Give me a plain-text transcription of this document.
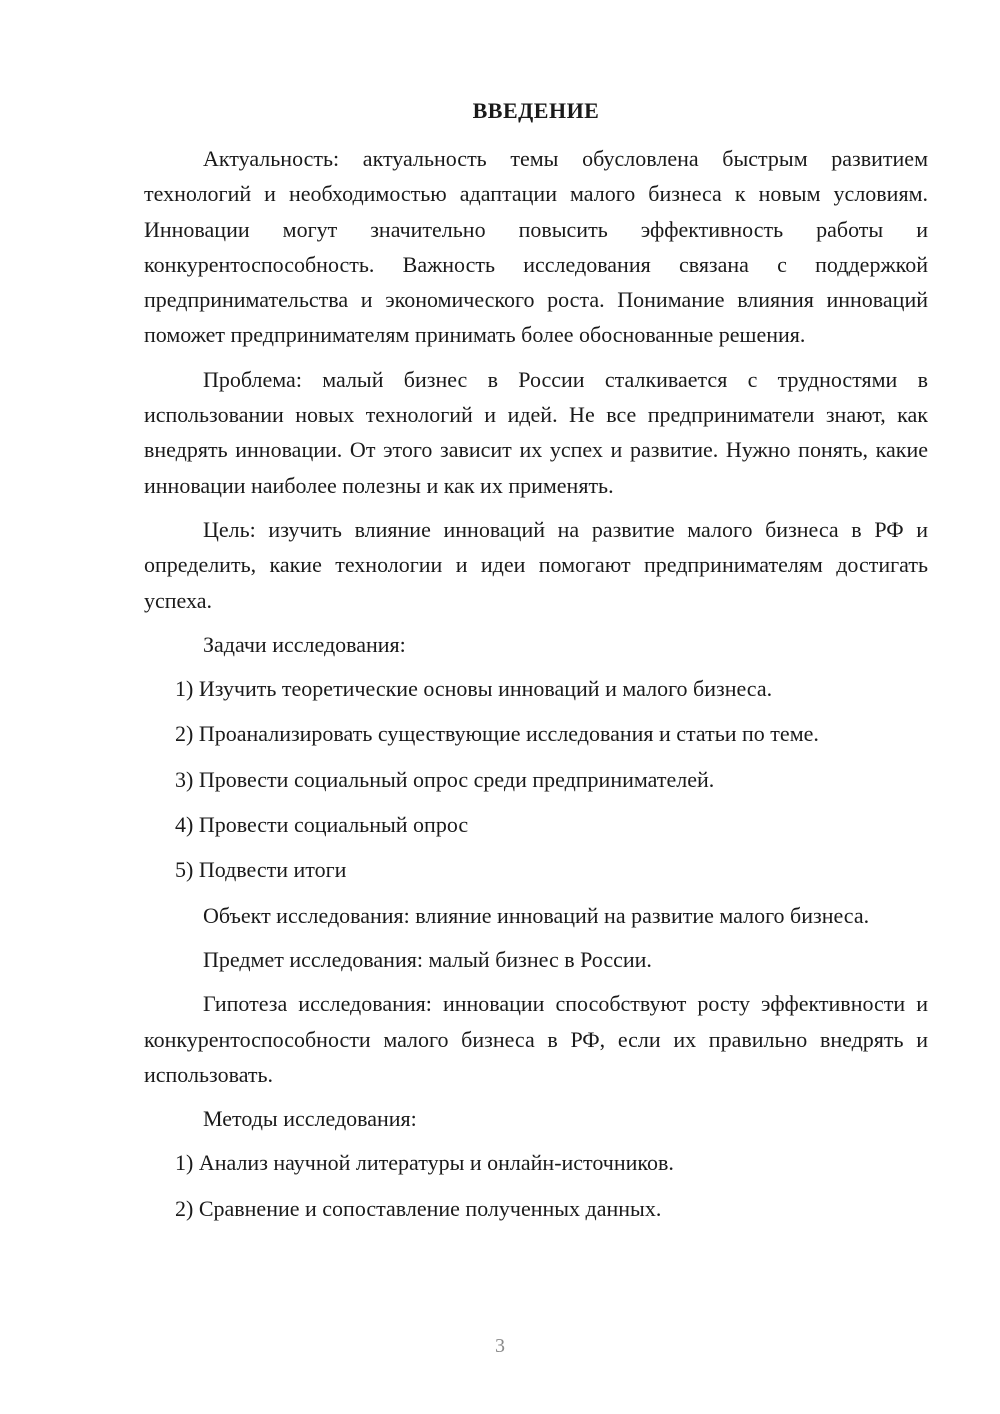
ВВЕДЕНИЕ

Актуальность: актуальность темы обусловлена быстрым развитием технологий и необходимостью адаптации малого бизнеса к новым условиям. Инновации могут значительно повысить эффективность работы и конкурентоспособность. Важность исследования связана с поддержкой предпринимательства и экономического роста. Понимание влияния инноваций поможет предпринимателям принимать более обоснованные решения.

Проблема: малый бизнес в России сталкивается с трудностями в использовании новых технологий и идей. Не все предприниматели знают, как внедрять инновации. От этого зависит их успех и развитие. Нужно понять, какие инновации наиболее полезны и как их применять.

Цель: изучить влияние инноваций на развитие малого бизнеса в РФ и определить, какие технологии и идеи помогают предпринимателям достигать успеха.

Задачи исследования:

1) Изучить теоретические основы инноваций и малого бизнеса.

2) Проанализировать существующие исследования и статьи по теме.

3) Провести социальный опрос среди предпринимателей.

4) Провести социальный опрос

5) Подвести итоги

Объект исследования: влияние инноваций на развитие малого бизнеса.

Предмет исследования: малый бизнес в России.

Гипотеза исследования: инновации способствуют росту эффективности и конкурентоспособности малого бизнеса в РФ, если их правильно внедрять и использовать.

Методы исследования:

1) Анализ научной литературы и онлайн-источников.

2) Сравнение и сопоставление полученных данных.

3
